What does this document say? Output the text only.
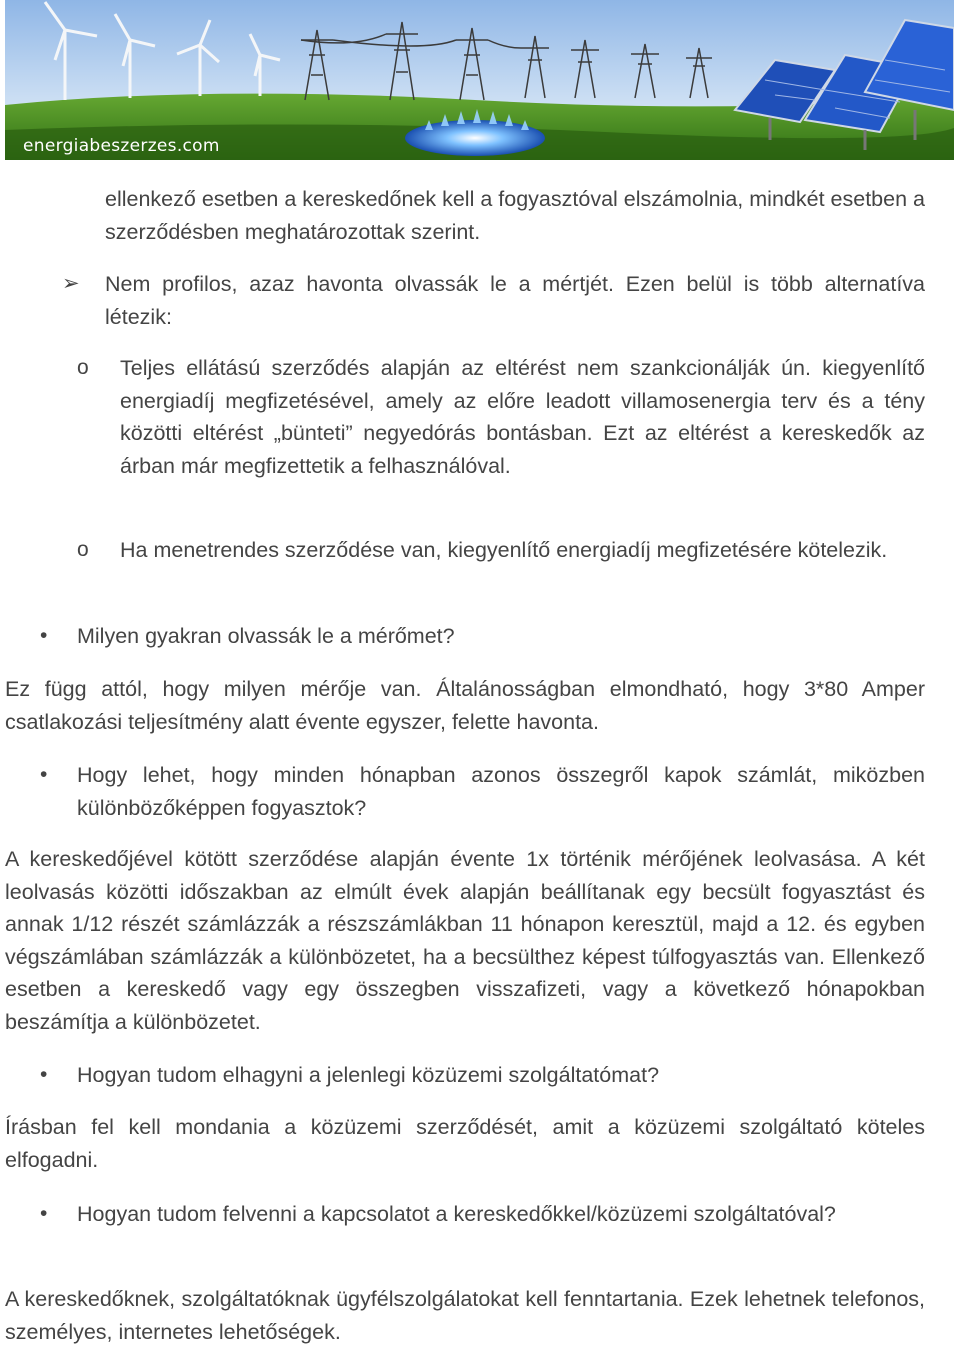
energiabeszerzes.com

ellenkező esetben a kereskedőnek kell a fogyasztóval elszámolnia, mindkét esetben a szerződésben meghatározottak szerint.

➢ Nem profilos, azaz havonta olvassák le a mértjét. Ezen belül is több alternatíva létezik:

o Teljes ellátású szerződés alapján az eltérést nem szankcionálják ún. kiegyenlítő energiadíj megfizetésével, amely az előre leadott villamosenergia terv és a tény közötti eltérést „bünteti” negyedórás bontásban. Ezt az eltérést a kereskedők az árban már megfizettetik a felhasználóval.

o Ha menetrendes szerződése van, kiegyenlítő energiadíj megfizetésére kötelezik.

• Milyen gyakran olvassák le a mérőmet?

Ez függ attól, hogy milyen mérője van. Általánosságban elmondható, hogy 3*80 Amper csatlakozási teljesítmény alatt évente egyszer, felette havonta.

• Hogy lehet, hogy minden hónapban azonos összegről kapok számlát, miközben különbözőképpen fogyasztok?

A kereskedőjével kötött szerződése alapján évente 1x történik mérőjének leolvasása. A két leolvasás közötti időszakban az elmúlt évek alapján beállítanak egy becsült fogyasztást és annak 1/12 részét számlázzák a részszámlákban 11 hónapon keresztül, majd a 12. és egyben végszámlában számlázzák a különbözetet, ha a becsülthez képest túlfogyasztás van. Ellenkező esetben a kereskedő vagy egy összegben visszafizeti, vagy a következő hónapokban beszámítja a különbözetet.

• Hogyan tudom elhagyni a jelenlegi közüzemi szolgáltatómat?

Írásban fel kell mondania a közüzemi szerződését, amit a közüzemi szolgáltató köteles elfogadni.

• Hogyan tudom felvenni a kapcsolatot a kereskedőkkel/közüzemi szolgáltatóval?

A kereskedőknek, szolgáltatóknak ügyfélszolgálatokat kell fenntartania. Ezek lehetnek telefonos, személyes, internetes lehetőségek.
